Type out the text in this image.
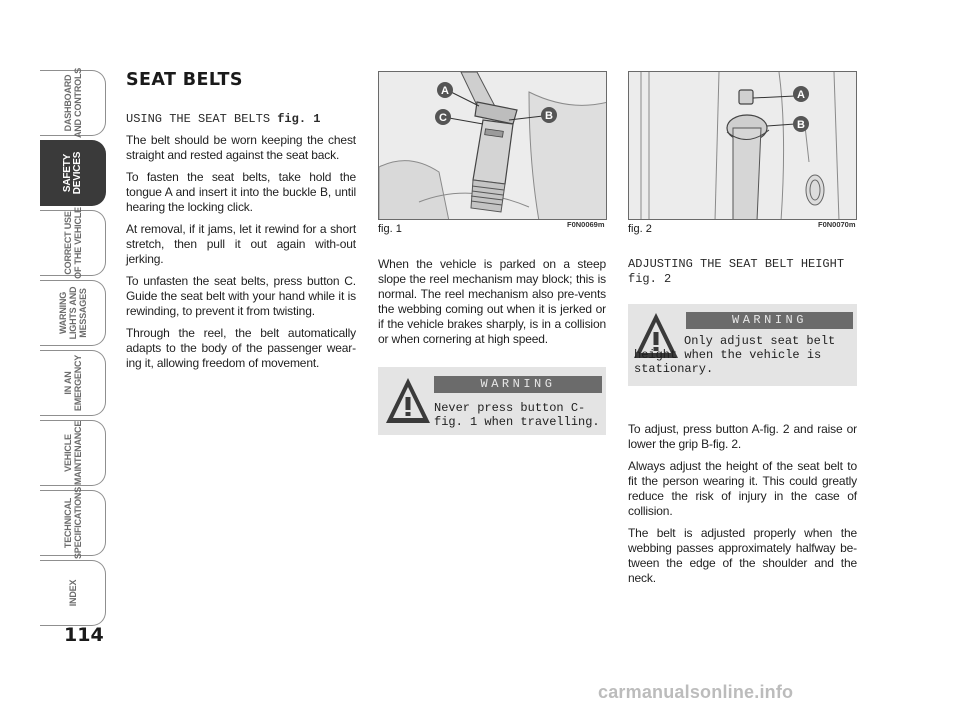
DASHBOARD
AND CONTROLS
SAFETY
DEVICES
CORRECT USE
OF THE VEHICLE
WARNING
LIGHTS AND
MESSAGES
IN AN
EMERGENCY
VEHICLE
MAINTENANCE
TECHNICAL
SPECIFICATIONS
INDEX
114
SEAT BELTS
USING THE SEAT BELTS fig. 1

The belt should be worn keeping the chest straight and rested against the seat back.

To fasten the seat belts, take hold the tongue A and insert it into the buckle B, until hearing the locking click.

At removal, if it jams, let it rewind for a short stretch, then pull it out again with-out jerking.

To unfasten the seat belts, press button C. Guide the seat belt with your hand while it is rewinding, to prevent it from twisting.

Through the reel, the belt automatically adapts to the body of the passenger wear-ing it, allowing freedom of movement.

A
C	B
fig. 1	F0N0069m
A
B
fig. 2	F0N0070m

When the vehicle is parked on a steep slope the reel mechanism may block; this is normal. The reel mechanism also pre-vents the webbing coming out when it is jerked or if the vehicle brakes sharply, is in a collision or when cornering at high speed.

WARNING
Never press button C-fig. 1 when travelling.
ADJUSTING THE SEAT BELT HEIGHT fig. 2
WARNING
Only adjust seat belt height when the vehicle is stationary.

To adjust, press button A-fig. 2 and raise or lower the grip B-fig. 2.

Always adjust the height of the seat belt to fit the person wearing it. This could greatly reduce the risk of injury in the case of collision.

The belt is adjusted properly when the webbing passes approximately halfway be-tween the edge of the shoulder and the neck.

carmanualsonline.info
